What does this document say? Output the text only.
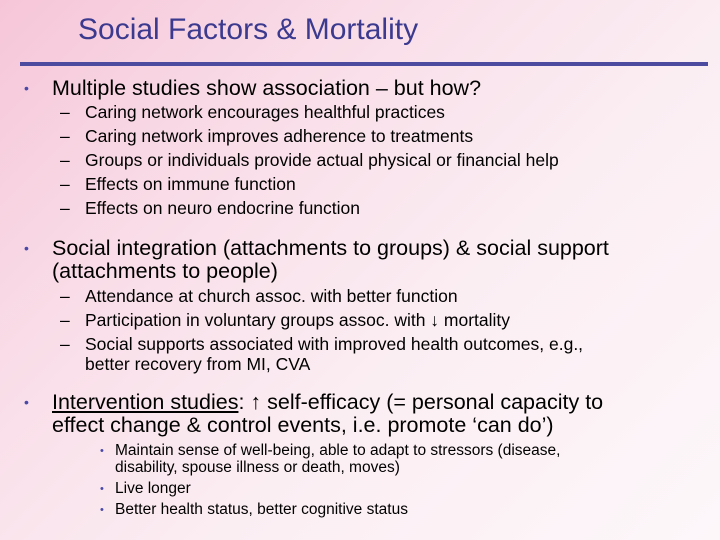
Social Factors & Mortality
• Multiple studies show association – but how?
– Caring network encourages healthful practices
– Caring network improves adherence to treatments
– Groups or individuals provide actual physical or financial help
– Effects on immune function
– Effects on neuro endocrine function
• Social integration (attachments to groups) & social support
(attachments to people)
– Attendance at church assoc. with better function
– Participation in voluntary groups assoc. with ↓ mortality
– Social supports associated with improved health outcomes, e.g.,
better recovery from MI, CVA
• Intervention studies: ↑ self-efficacy (= personal capacity to
effect change & control events, i.e. promote ‘can do’)
• Maintain sense of well-being, able to adapt to stressors (disease,
disability, spouse illness or death, moves)
• Live longer
• Better health status, better cognitive status
